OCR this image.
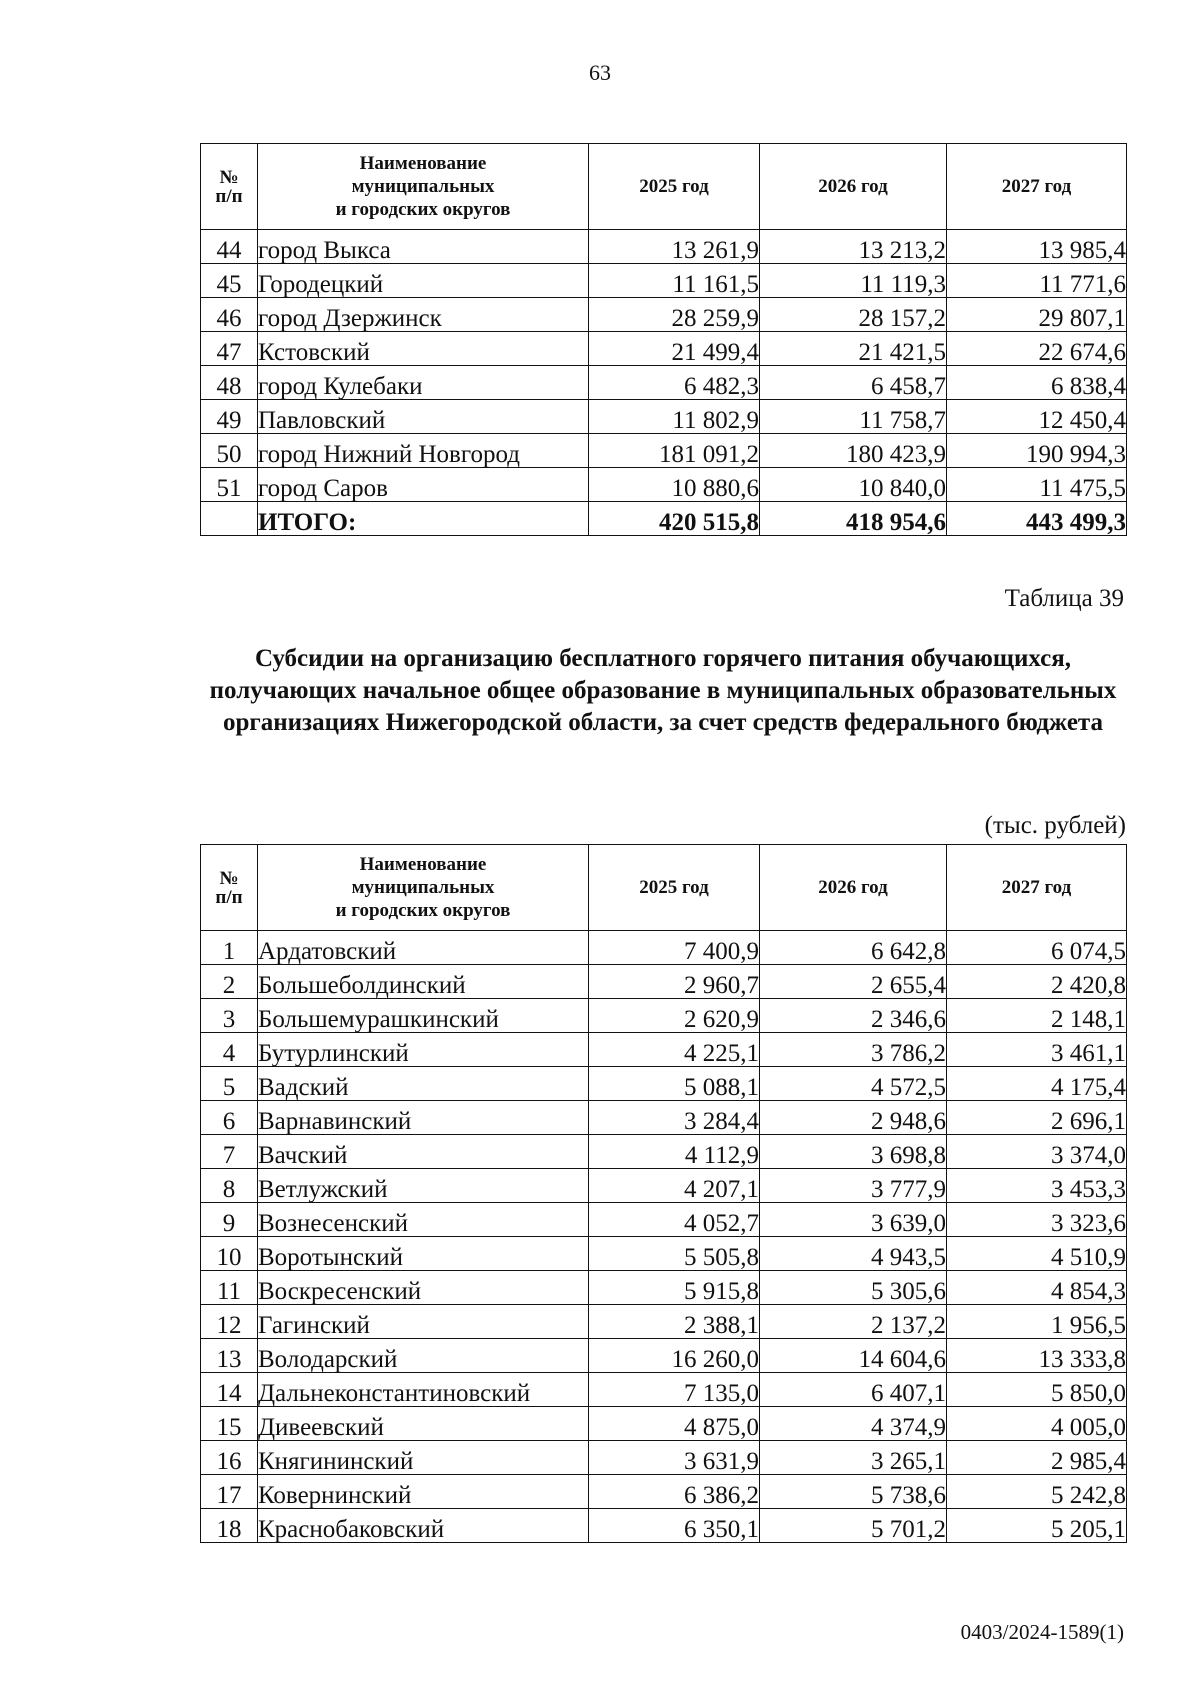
63
№
п/п	Наименование
муниципальных
и городских округов	2025 год	2026 год	2027 год
44	город Выкса	13 261,9	13 213,2	13 985,4
45	Городецкий	11 161,5	11 119,3	11 771,6
46	город Дзержинск	28 259,9	28 157,2	29 807,1
47	Кстовский	21 499,4	21 421,5	22 674,6
48	город Кулебаки	6 482,3	6 458,7	6 838,4
49	Павловский	11 802,9	11 758,7	12 450,4
50	город Нижний Новгород	181 091,2	180 423,9	190 994,3
51	город Саров	10 880,6	10 840,0	11 475,5
	ИТОГО:	420 515,8	418 954,6	443 499,3
Таблица 39
Субсидии на организацию бесплатного горячего питания обучающихся, получающих начальное общее образование в муниципальных образовательных организациях Нижегородской области, за счет средств федерального бюджета
(тыс. рублей)
№
п/п	Наименование
муниципальных
и городских округов	2025 год	2026 год	2027 год
1	Ардатовский	7 400,9	6 642,8	6 074,5
2	Большеболдинский	2 960,7	2 655,4	2 420,8
3	Большемурашкинский	2 620,9	2 346,6	2 148,1
4	Бутурлинский	4 225,1	3 786,2	3 461,1
5	Вадский	5 088,1	4 572,5	4 175,4
6	Варнавинский	3 284,4	2 948,6	2 696,1
7	Вачский	4 112,9	3 698,8	3 374,0
8	Ветлужский	4 207,1	3 777,9	3 453,3
9	Вознесенский	4 052,7	3 639,0	3 323,6
10	Воротынский	5 505,8	4 943,5	4 510,9
11	Воскресенский	5 915,8	5 305,6	4 854,3
12	Гагинский	2 388,1	2 137,2	1 956,5
13	Володарский	16 260,0	14 604,6	13 333,8
14	Дальнеконстантиновский	7 135,0	6 407,1	5 850,0
15	Дивеевский	4 875,0	4 374,9	4 005,0
16	Княгининский	3 631,9	3 265,1	2 985,4
17	Ковернинский	6 386,2	5 738,6	5 242,8
18	Краснобаковский	6 350,1	5 701,2	5 205,1
0403/2024-1589(1)
